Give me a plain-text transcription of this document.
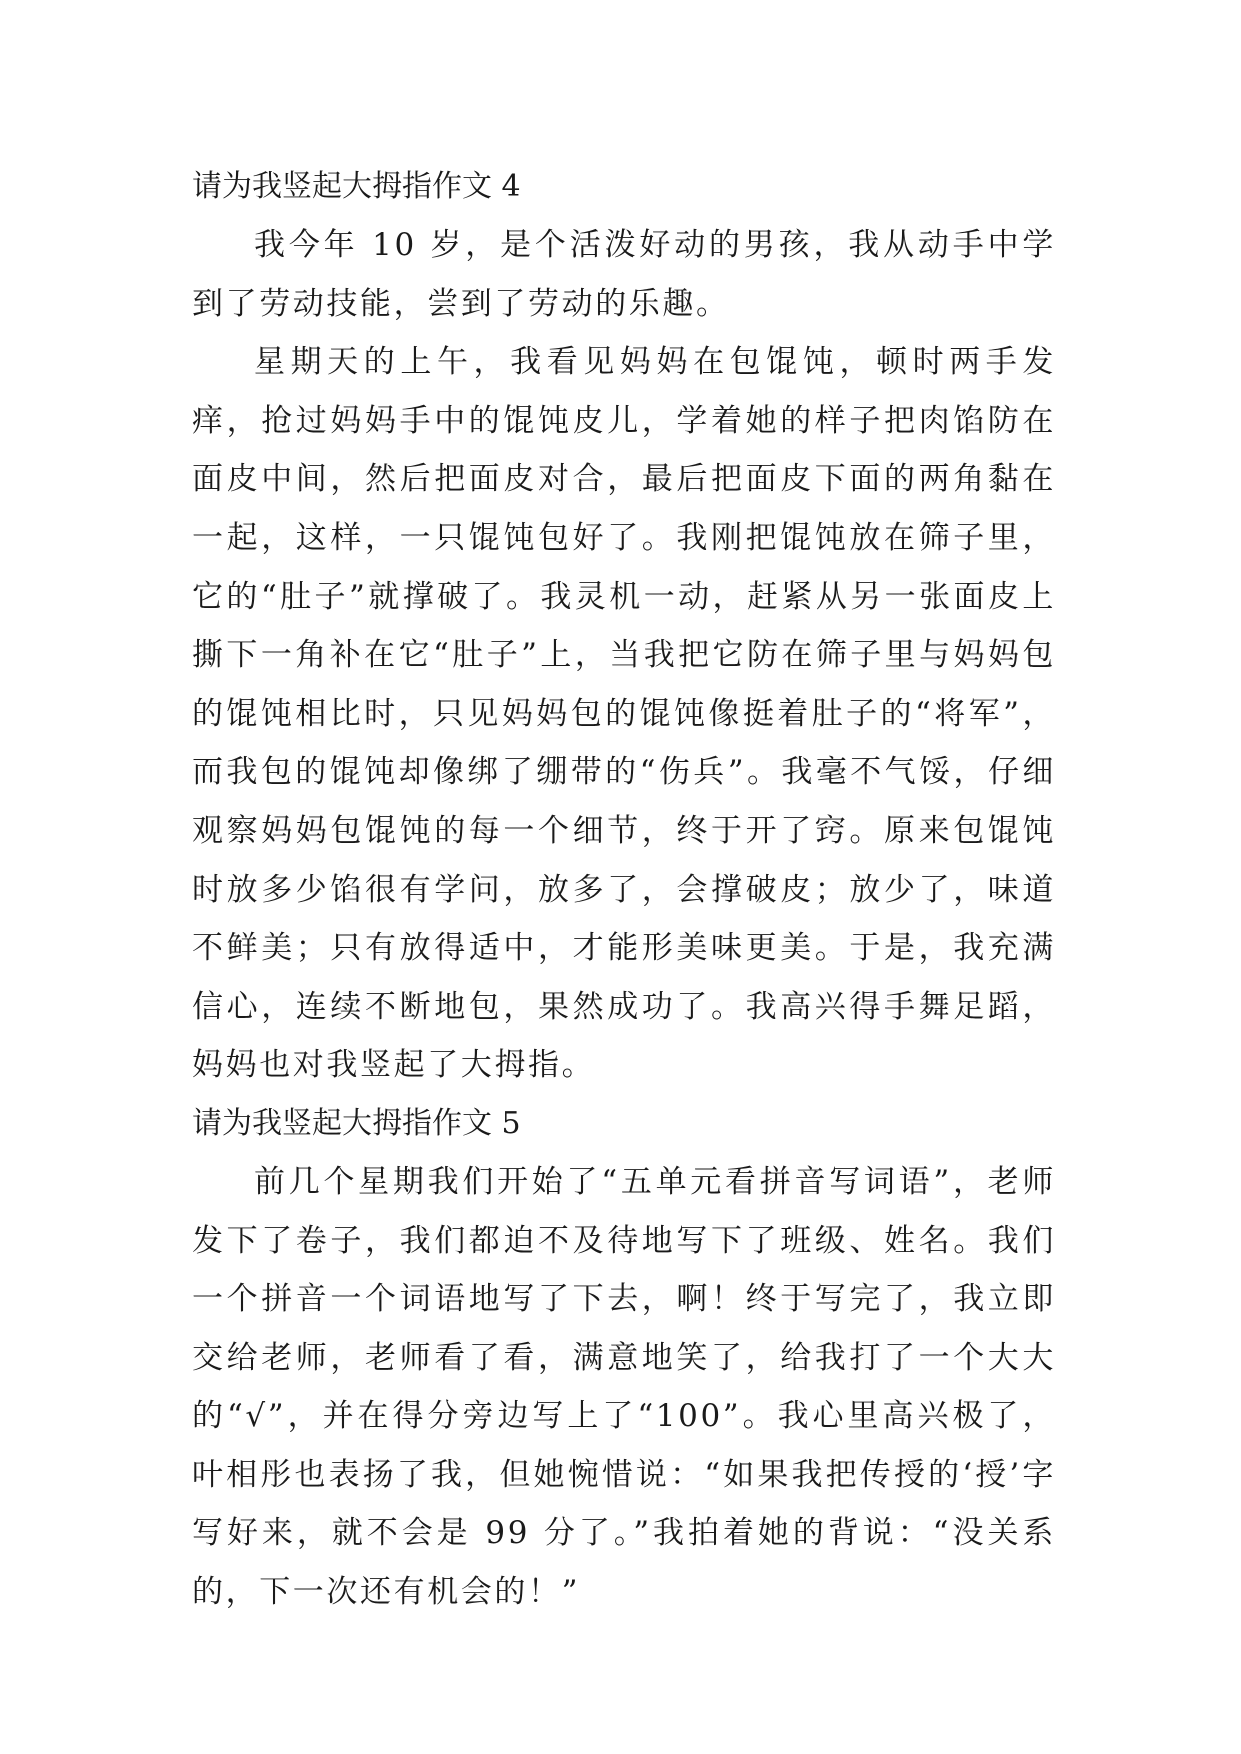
请为我竖起大拇指作文 4

我今年 10 岁，是个活泼好动的男孩，我从动手中学到了劳动技能，尝到了劳动的乐趣。

星期天的上午，我看见妈妈在包馄饨，顿时两手发痒，抢过妈妈手中的馄饨皮儿，学着她的样子把肉馅防在面皮中间，然后把面皮对合，最后把面皮下面的两角黏在一起，这样，一只馄饨包好了。我刚把馄饨放在筛子里，它的“肚子”就撑破了。我灵机一动，赶紧从另一张面皮上撕下一角补在它“肚子”上，当我把它防在筛子里与妈妈包的馄饨相比时，只见妈妈包的馄饨像挺着肚子的“将军”，而我包的馄饨却像绑了绷带的“伤兵”。我毫不气馁，仔细观察妈妈包馄饨的每一个细节，终于开了窍。原来包馄饨时放多少馅很有学问，放多了，会撑破皮；放少了，味道不鲜美；只有放得适中，才能形美味更美。于是，我充满信心，连续不断地包，果然成功了。我高兴得手舞足蹈，妈妈也对我竖起了大拇指。

请为我竖起大拇指作文 5

前几个星期我们开始了“五单元看拼音写词语”，老师发下了卷子，我们都迫不及待地写下了班级、姓名。我们一个拼音一个词语地写了下去，啊！终于写完了，我立即交给老师，老师看了看，满意地笑了，给我打了一个大大的“√”，并在得分旁边写上了“100”。我心里高兴极了，叶相彤也表扬了我，但她惋惜说：“如果我把传授的‘授’字写好来，就不会是 99 分了。”我拍着她的背说：“没关系的，下一次还有机会的！”
